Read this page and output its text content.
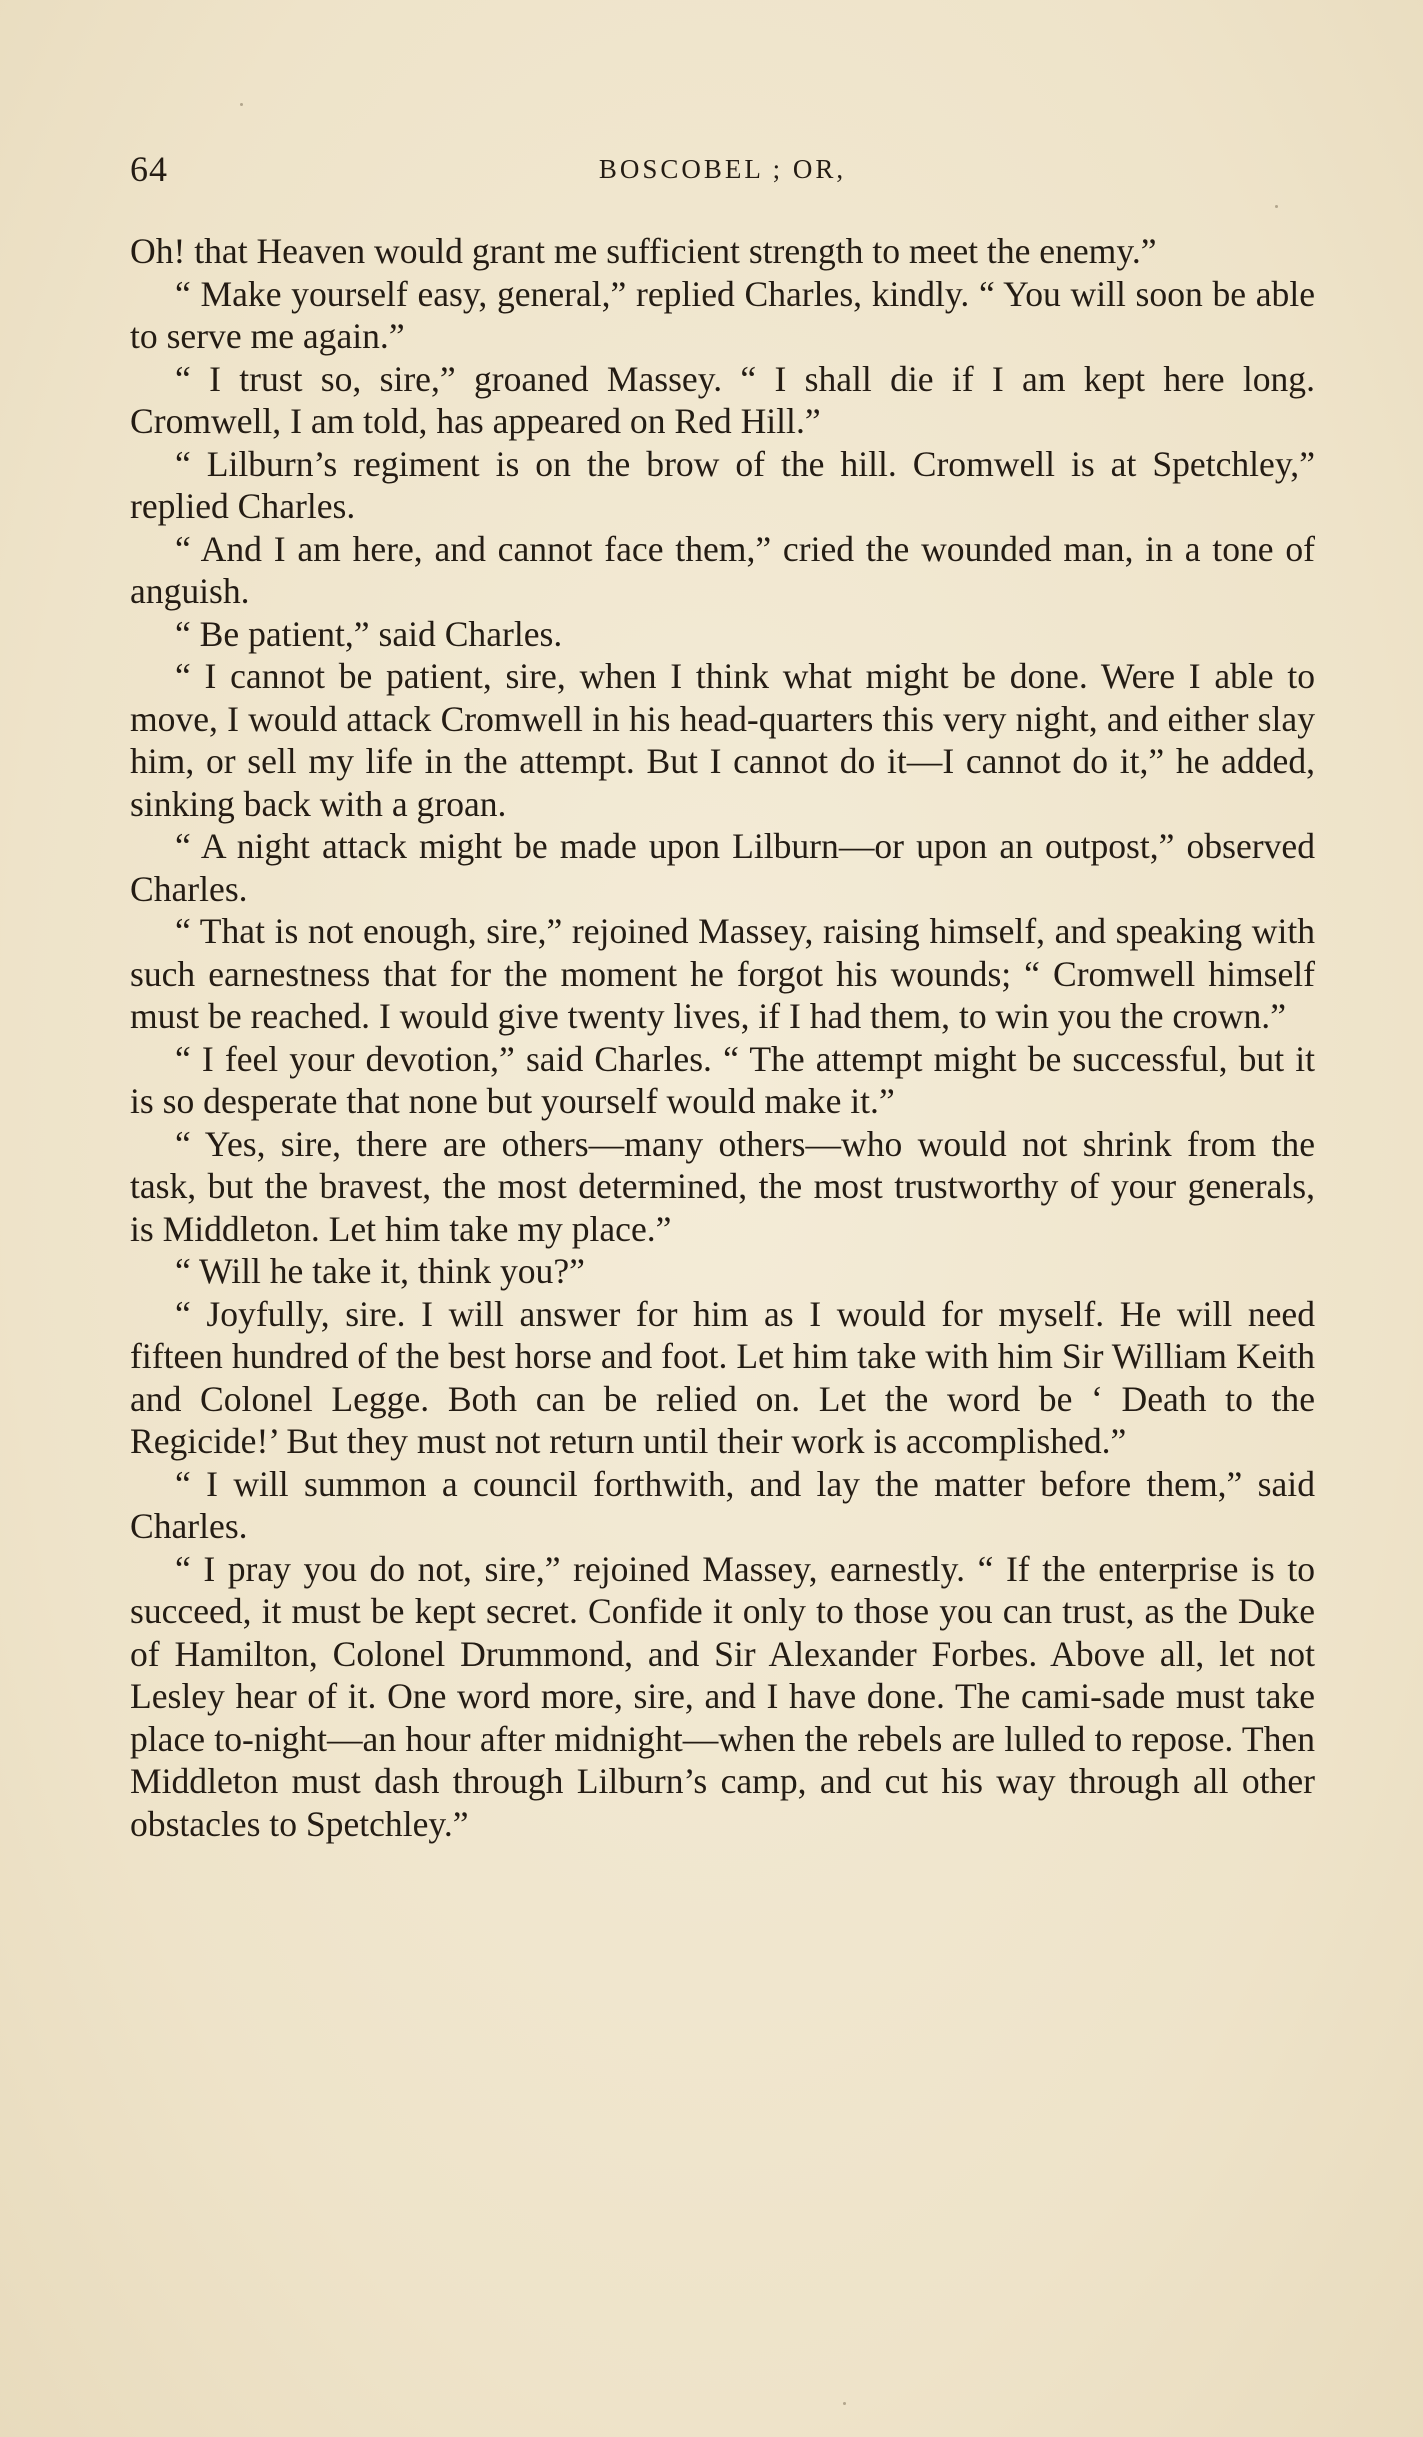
64	BOSCOBEL ; OR,

Oh! that Heaven would grant me sufficient strength to meet the enemy.”

“ Make yourself easy, general,” replied Charles, kindly. “ You will soon be able to serve me again.”

“ I trust so, sire,” groaned Massey. “ I shall die if I am kept here long. Cromwell, I am told, has appeared on Red Hill.”

“ Lilburn’s regiment is on the brow of the hill. Cromwell is at Spetchley,” replied Charles.

“ And I am here, and cannot face them,” cried the wounded man, in a tone of anguish.

“ Be patient,” said Charles.

“ I cannot be patient, sire, when I think what might be done. Were I able to move, I would attack Cromwell in his head-quarters this very night, and either slay him, or sell my life in the attempt. But I cannot do it—I cannot do it,” he added, sinking back with a groan.

“ A night attack might be made upon Lilburn—or upon an outpost,” observed Charles.

“ That is not enough, sire,” rejoined Massey, raising himself, and speaking with such earnestness that for the moment he forgot his wounds; “ Cromwell himself must be reached. I would give twenty lives, if I had them, to win you the crown.”

“ I feel your devotion,” said Charles. “ The attempt might be successful, but it is so desperate that none but yourself would make it.”

“ Yes, sire, there are others—many others—who would not shrink from the task, but the bravest, the most determined, the most trustworthy of your generals, is Middleton. Let him take my place.”

“ Will he take it, think you?”

“ Joyfully, sire. I will answer for him as I would for myself. He will need fifteen hundred of the best horse and foot. Let him take with him Sir William Keith and Colonel Legge. Both can be relied on. Let the word be ‘ Death to the Regicide!’ But they must not return until their work is accomplished.”

“ I will summon a council forthwith, and lay the matter before them,” said Charles.

“ I pray you do not, sire,” rejoined Massey, earnestly. “ If the enterprise is to succeed, it must be kept secret. Confide it only to those you can trust, as the Duke of Hamilton, Colonel Drummond, and Sir Alexander Forbes. Above all, let not Lesley hear of it. One word more, sire, and I have done. The cami-sade must take place to-night—an hour after midnight—when the rebels are lulled to repose. Then Middleton must dash through Lilburn’s camp, and cut his way through all other obstacles to Spetchley.”
